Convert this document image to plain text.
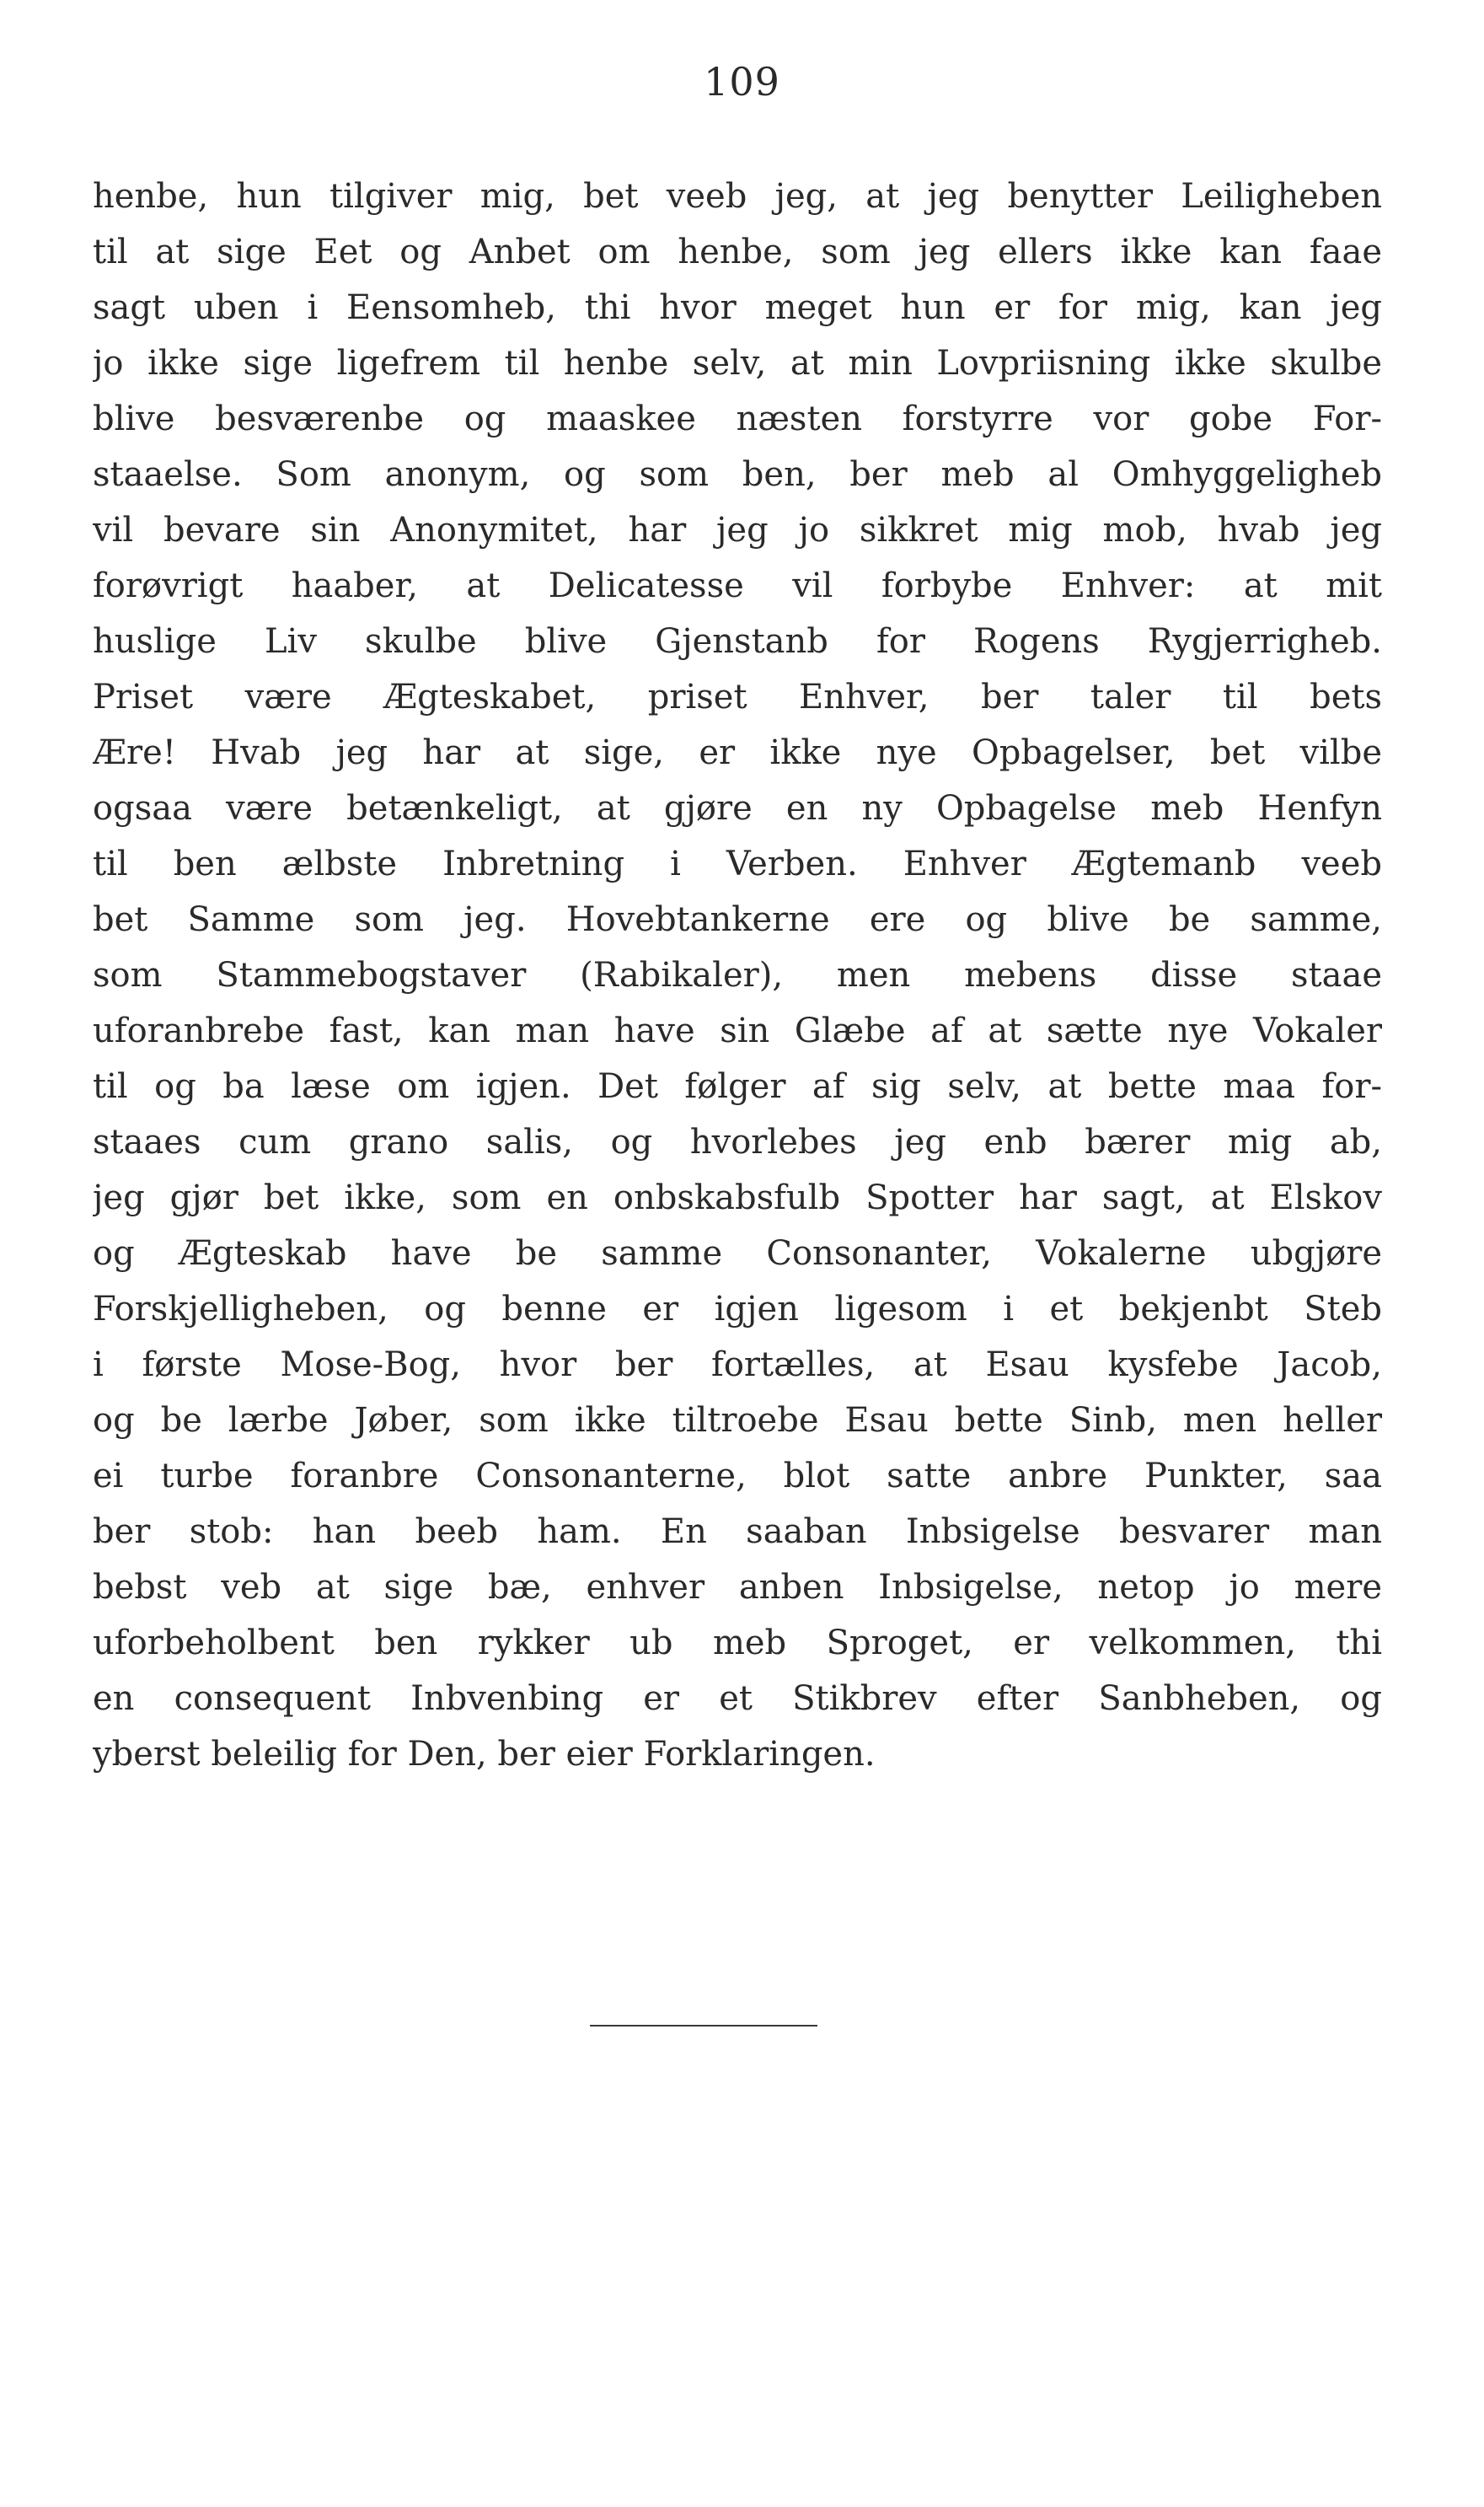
109
henbe, hun tilgiver mig, bet veeb jeg, at jeg benytter Leiligheben
til at sige Eet og Anbet om henbe, som jeg ellers ikke kan faae
sagt uben i Eensomheb, thi hvor meget hun er for mig, kan jeg
jo ikke sige ligefrem til henbe selv, at min Lovpriisning ikke skulbe
blive besværenbe og maaskee næsten forstyrre vor gobe For-
staaelse. Som anonym, og som ben, ber meb al Omhyggeligheb
vil bevare sin Anonymitet, har jeg jo sikkret mig mob, hvab jeg
forøvrigt haaber, at Delicatesse vil forbybe Enhver: at mit
huslige Liv skulbe blive Gjenstanb for Rogens Rygjerrigheb.
Priset være Ægteskabet, priset Enhver, ber taler til bets
Ære! Hvab jeg har at sige, er ikke nye Opbagelser, bet vilbe
ogsaa være betænkeligt, at gjøre en ny Opbagelse meb Henfyn
til ben ælbste Inbretning i Verben. Enhver Ægtemanb veeb
bet Samme som jeg. Hovebtankerne ere og blive be samme,
som Stammebogstaver (Rabikaler), men mebens disse staae
uforanbrebe fast, kan man have sin Glæbe af at sætte nye Vokaler
til og ba læse om igjen. Det følger af sig selv, at bette maa for-
staaes cum grano salis, og hvorlebes jeg enb bærer mig ab,
jeg gjør bet ikke, som en onbskabsfulb Spotter har sagt, at Elskov
og Ægteskab have be samme Consonanter, Vokalerne ubgjøre
Forskjelligheben, og benne er igjen ligesom i et bekjenbt Steb
i første Mose-Bog, hvor ber fortælles, at Esau kysfebe Jacob,
og be lærbe Jøber, som ikke tiltroebe Esau bette Sinb, men heller
ei turbe foranbre Consonanterne, blot satte anbre Punkter, saa
ber stob: han beeb ham. En saaban Inbsigelse besvarer man
bebst veb at sige bæ, enhver anben Inbsigelse, netop jo mere
uforbeholbent ben rykker ub meb Sproget, er velkommen, thi
en consequent Inbvenbing er et Stikbrev efter Sanbheben, og
yberst beleilig for Den, ber eier Forklaringen.
